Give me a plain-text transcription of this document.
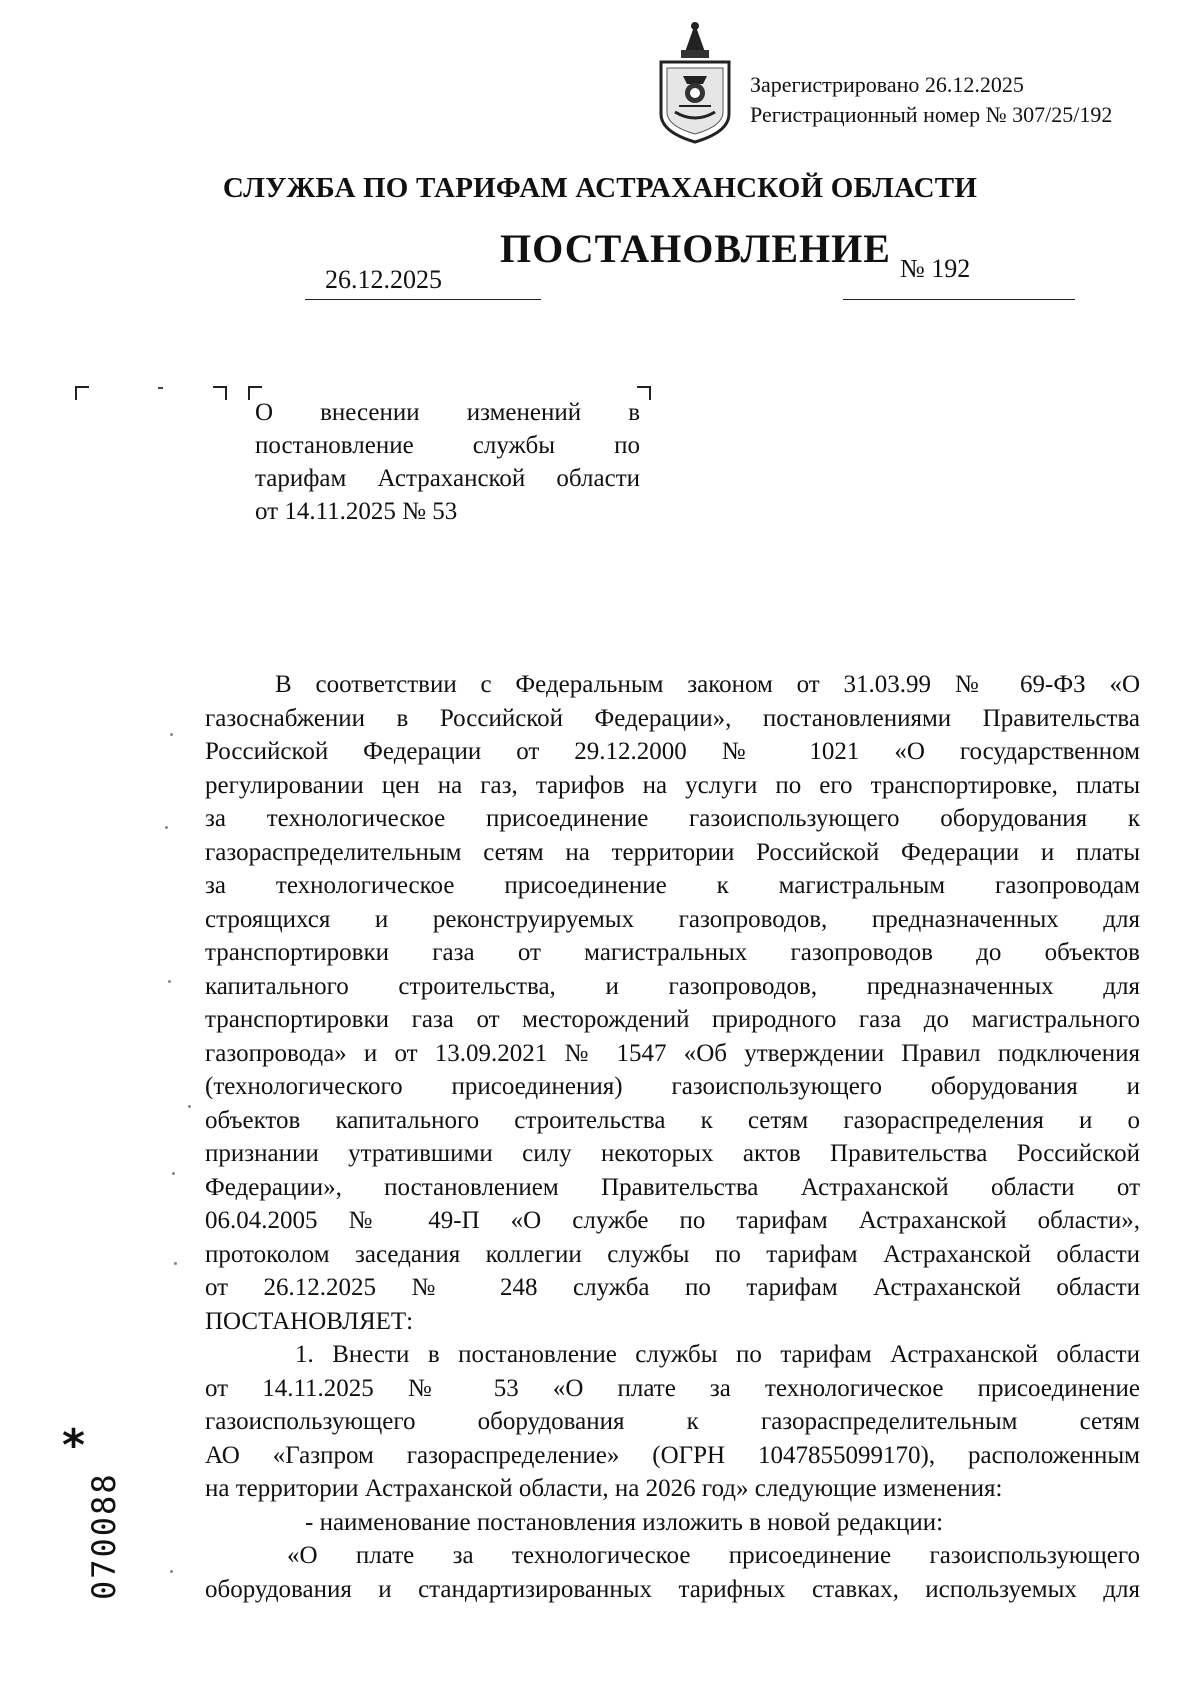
Зарегистрировано 26.12.2025
Регистрационный номер № 307/25/192
СЛУЖБА ПО ТАРИФАМ АСТРАХАНСКОЙ ОБЛАСТИ
ПОСТАНОВЛЕНИЕ
26.12.2025	№ 192
О внесении изменений в
постановление службы по
тарифам Астраханской области
от 14.11.2025 № 53
В соответствии с Федеральным законом от 31.03.99 № 69-ФЗ «О
газоснабжении в Российской Федерации», постановлениями Правительства
Российской Федерации от 29.12.2000 № 1021 «О государственном
регулировании цен на газ, тарифов на услуги по его транспортировке, платы
за технологическое присоединение газоиспользующего оборудования к
газораспределительным сетям на территории Российской Федерации и платы
за технологическое присоединение к магистральным газопроводам
строящихся и реконструируемых газопроводов, предназначенных для
транспортировки газа от магистральных газопроводов до объектов
капитального строительства, и газопроводов, предназначенных для
транспортировки газа от месторождений природного газа до магистрального
газопровода» и от 13.09.2021 № 1547 «Об утверждении Правил подключения
(технологического присоединения) газоиспользующего оборудования и
объектов капитального строительства к сетям газораспределения и о
признании утратившими силу некоторых актов Правительства Российской
Федерации», постановлением Правительства Астраханской области от
06.04.2005 № 49-П «О службе по тарифам Астраханской области»,
протоколом заседания коллегии службы по тарифам Астраханской области
от 26.12.2025 № 248 служба по тарифам Астраханской области
ПОСТАНОВЛЯЕТ:
1. Внести в постановление службы по тарифам Астраханской области
от 14.11.2025 № 53 «О плате за технологическое присоединение
газоиспользующего оборудования к газораспределительным сетям
АО «Газпром газораспределение» (ОГРН 1047855099170), расположенным
на территории Астраханской области, на 2026 год» следующие изменения:
- наименование постановления изложить в новой редакции:
«О плате за технологическое присоединение газоиспользующего
оборудования и стандартизированных тарифных ставках, используемых для
*
070088
